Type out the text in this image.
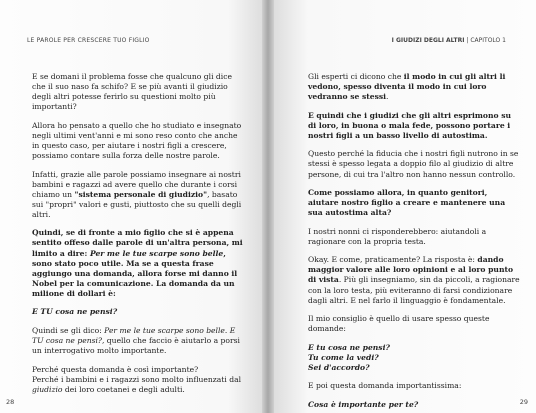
LE PAROLE PER CRESCERE TUO FIGLIO

E se domani il problema fosse che qualcuno gli dice che il suo naso fa schifo? E se più avanti il giudizio degli altri potesse ferirlo su questioni molto più importanti?

Allora ho pensato a quello che ho studiato e insegnato negli ultimi vent'anni e mi sono reso conto che anche in questo caso, per aiutare i nostri figli a crescere, possiamo contare sulla forza delle nostre parole.

Infatti, grazie alle parole possiamo insegnare ai nostri bambini e ragazzi ad avere quello che durante i corsi chiamo un "sistema personale di giudizio", basato sui "propri" valori e gusti, piuttosto che su quelli degli altri.

Quindi, se di fronte a mio figlio che si è appena sentito offeso dalle parole di un'altra persona, mi limito a dire: Per me le tue scarpe sono belle, sono stato poco utile. Ma se a questa frase aggiungo una domanda, allora forse mi danno il Nobel per la comunicazione. La domanda da un milione di dollari è:

E TU cosa ne pensi?

Quindi se gli dico: Per me le tue scarpe sono belle. E TU cosa ne pensi?, quello che faccio è aiutarlo a porsi un interrogativo molto importante.

Perché questa domanda è così importante?
Perché i bambini e i ragazzi sono molto influenzati dal giudizio dei loro coetanei e degli adulti.

28
I GIUDIZI DEGLI ALTRI | CAPITOLO 1

Gli esperti ci dicono che il modo in cui gli altri li vedono, spesso diventa il modo in cui loro vedranno se stessi.

E quindi che i giudizi che gli altri esprimono su di loro, in buona o mala fede, possono portare i nostri figli a un basso livello di autostima.

Questo perché la fiducia che i nostri figli nutrono in se stessi è spesso legata a doppio filo al giudizio di altre persone, di cui tra l'altro non hanno nessun controllo.

Come possiamo allora, in quanto genitori, aiutare nostro figlio a creare e mantenere una sua autostima alta?

I nostri nonni ci risponderebbero: aiutandoli a ragionare con la propria testa.

Okay. E come, praticamente? La risposta è: dando maggior valore alle loro opinioni e al loro punto di vista. Più gli insegniamo, sin da piccoli, a ragionare con la loro testa, più eviteranno di farsi condizionare dagli altri. E nel farlo il linguaggio è fondamentale.

Il mio consiglio è quello di usare spesso queste domande:

E tu cosa ne pensi?

Tu come la vedi?

Sei d'accordo?

E poi questa domanda importantissima:

Cosa è importante per te?	29
